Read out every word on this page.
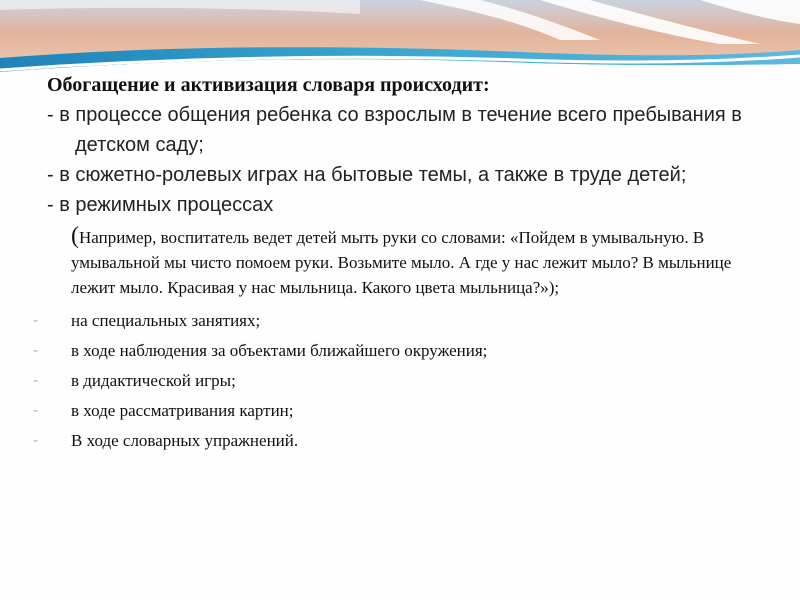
Обогащение и активизация словаря происходит:

- в процессе общения ребенка со взрослым в течение всего пребывания в детском саду;

- в сюжетно-ролевых играх на бытовые темы, а также в труде детей;

- в режимных процессах

(Например, воспитатель ведет детей мыть руки со словами: «Пойдем в умывальную. В умывальной мы чисто помоем руки. Возьмите мыло. А где у нас лежит мыло? В мыльнице лежит мыло. Красивая у нас мыльница. Какого цвета мыльница?»);

- на специальных занятиях;
- в ходе наблюдения за объектами ближайшего окружения;
- в дидактической игры;
- в ходе рассматривания картин;
- В ходе словарных упражнений.
